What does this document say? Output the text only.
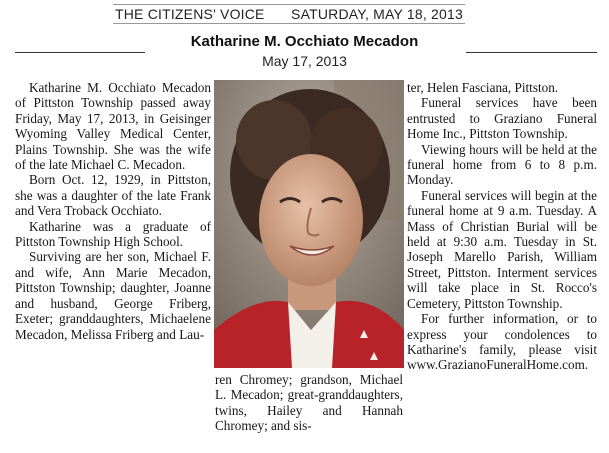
THE CITIZENS' VOICE SATURDAY, MAY 18, 2013
Katharine M. Occhiato Mecadon
May 17, 2013

Katharine M. Occhiato Mecadon of Pittston Township passed away Friday, May 17, 2013, in Geisinger Wyoming Valley Medical Center, Plains Township. She was the wife of the late Michael C. Mecadon.

Born Oct. 12, 1929, in Pittston, she was a daughter of the late Frank and Vera Troback Occhiato.

Katharine was a graduate of Pittston Township High School.

Surviving are her son, Michael F. and wife, Ann Marie Mecadon, Pittston Township; daughter, Joanne and husband, George Friberg, Exeter; granddaughters, Michaelene Mecadon, Melissa Friberg and Lau-

ren Chromey; grandson, Michael L. Mecadon; great-granddaughters, twins, Hailey and Hannah Chromey; and sis-

ter, Helen Fasciana, Pittston.

Funeral services have been entrusted to Graziano Funeral Home Inc., Pittston Township.

Viewing hours will be held at the funeral home from 6 to 8 p.m. Monday.

Funeral services will begin at the funeral home at 9 a.m. Tuesday. A Mass of Christian Burial will be held at 9:30 a.m. Tuesday in St. Joseph Marello Parish, William Street, Pittston. Interment services will take place in St. Rocco's Cemetery, Pittston Township.

For further information, or to express your condolences to Katharine's family, please visit www.GrazianoFuneralHome.com.
